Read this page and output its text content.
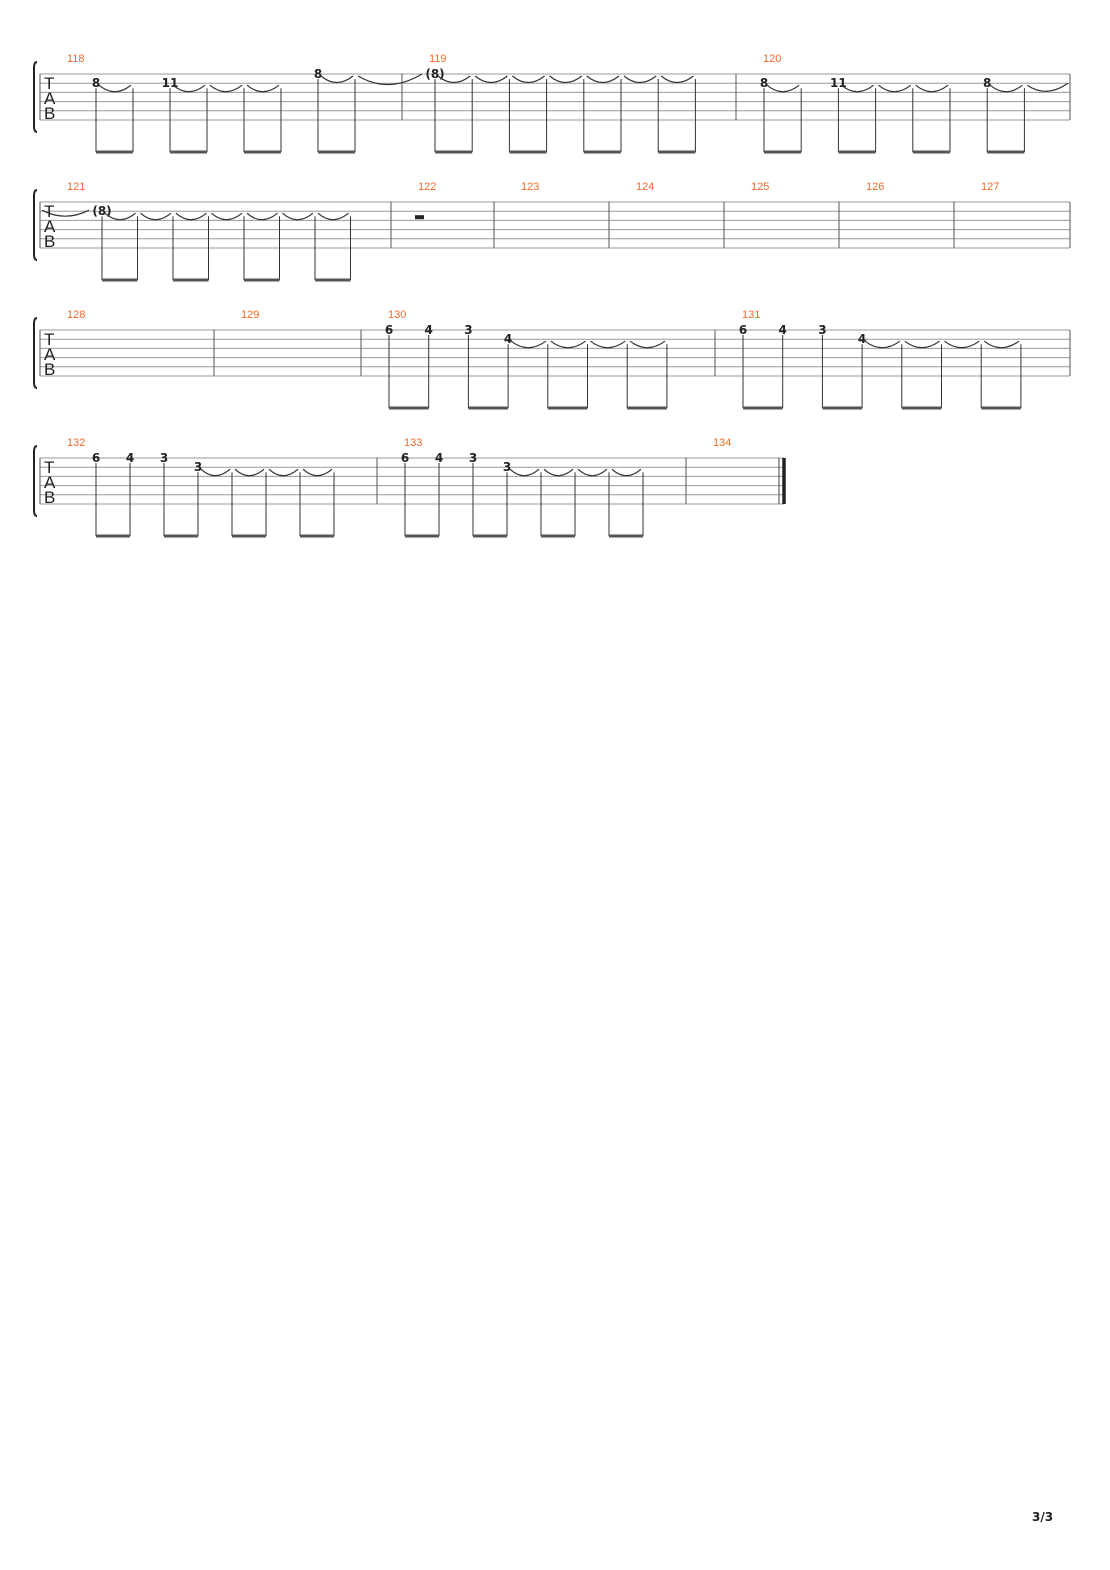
T
A
B
118
8	11
8
119
(8)
120
8	11	8
T
A
B
121
(8)
122	123	124	125	126	127
T
A
B
128	129	130
6	4	3
4
131
6	4	3
4
T
A
B
132
6 4 3
3
133
6 4 3
3
134
3/3
